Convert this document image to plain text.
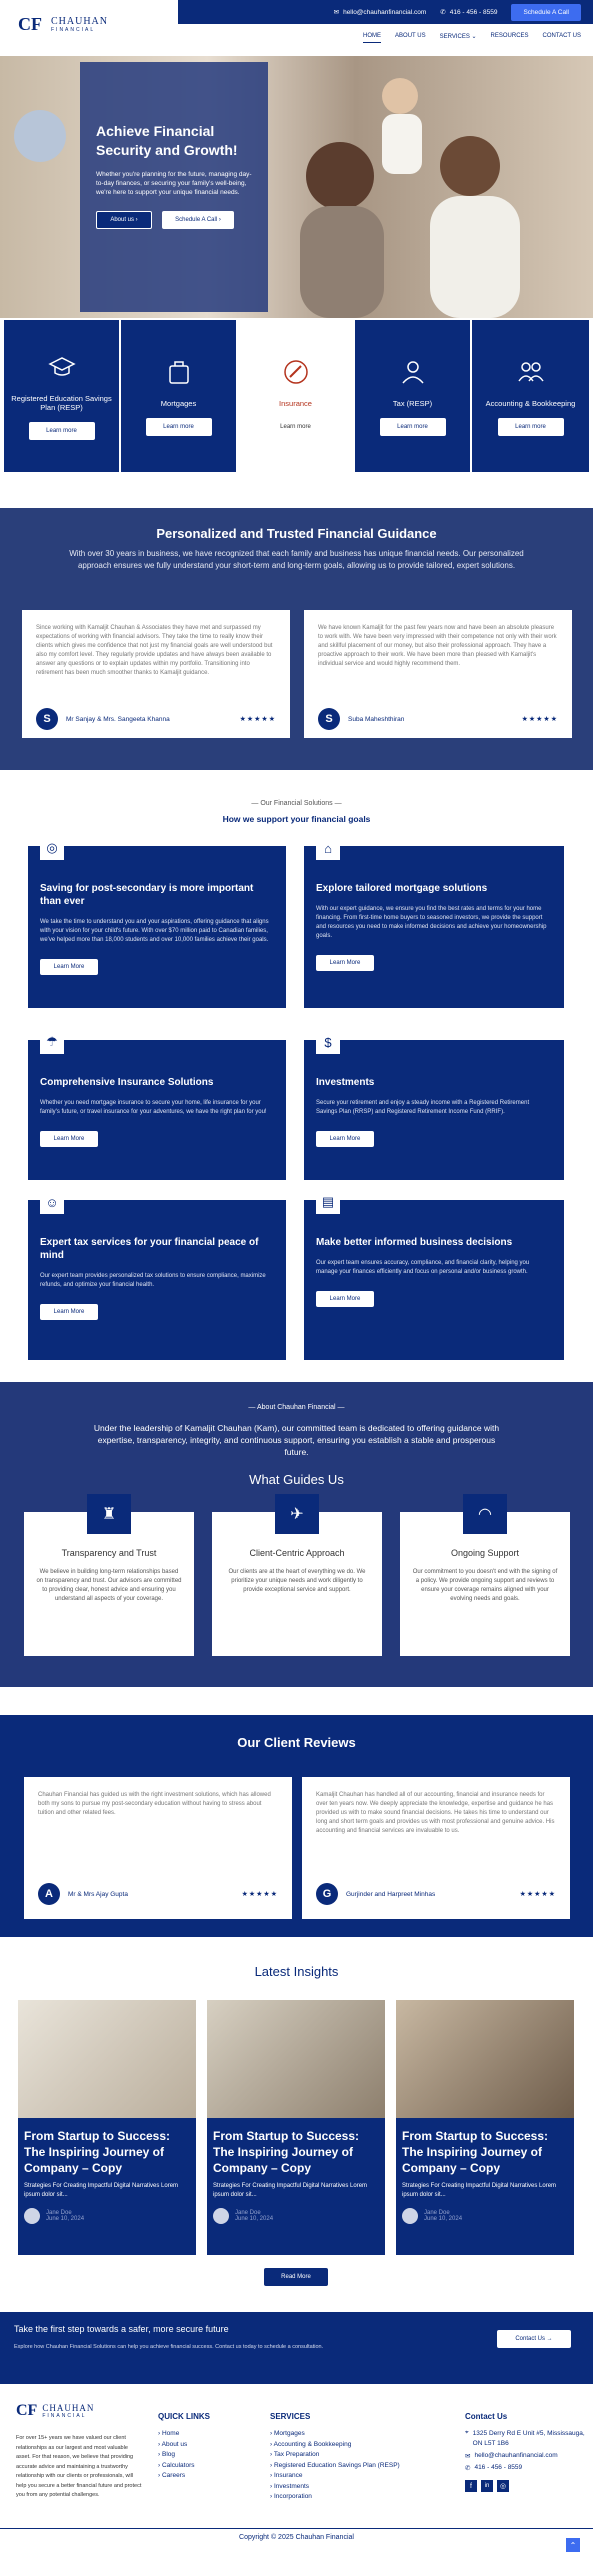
CF CHAUHAN
FINANCIAL
✉ hello@chauhanfinancial.com ✆ 416 - 456 - 8559	Schedule A Call
HOME ABOUT US SERVICES ⌄ RESOURCES CONTACT US
Achieve Financial Security and Growth!

Whether you're planning for the future, managing day-to-day finances, or securing your family's well-being, we're here to support your unique financial needs.

About us
›	Schedule A Call
›
Registered Education Savings Plan (RESP)
Learn more
Mortgages
Learn more
Insurance
Learn more
Tax (RESP)
Learn more
Accounting & Bookkeeping
Learn more
Personalized and Trusted Financial Guidance

With over 30 years in business, we have recognized that each family and business has unique financial needs. Our personalized approach ensures we fully understand your short-term and long-term goals, allowing us to provide tailored, expert solutions.

Since working with Kamaljit Chauhan & Associates they have met and surpassed my expectations of working with financial advisors. They take the time to really know their clients which gives me confidence that not just my financial goals are well understood but also my comfort level. They regularly provide updates and have always been available to answer any questions or to explain updates within my portfolio. Transitioning into retirement has been much smoother thanks to Kamaljit guidance.
S	Mr Sanjay & Mrs. Sangeeta Khanna	★★★★★
We have known Kamaljit for the past few years now and have been an absolute pleasure to work with. We have been very impressed with their competence not only with their work and skillful placement of our money, but also their professional approach. They have a proactive approach to their work. We have been more than pleased with Kamaljit's individual service and would highly recommend them.
S	Suba Maheshthiran	★★★★★
— Our Financial Solutions —
How we support your financial goals
◎
Saving for post-secondary is more important than ever

We take the time to understand you and your aspirations, offering guidance that aligns with your vision for your child's future. With over $70 million paid to Canadian families, we've helped more than 18,000 students and over 10,000 families achieve their goals.

Learn More
⌂
Explore tailored mortgage solutions

With our expert guidance, we ensure you find the best rates and terms for your home financing. From first-time home buyers to seasoned investors, we provide the support and resources you need to make informed decisions and achieve your homeownership goals.

Learn More
☂
Comprehensive Insurance Solutions

Whether you need mortgage insurance to secure your home, life insurance for your family's future, or travel insurance for your adventures, we have the right plan for you!

Learn More
$
Investments

Secure your retirement and enjoy a steady income with a Registered Retirement Savings Plan (RRSP) and Registered Retirement Income Fund (RRIF).

Learn More
☺
Expert tax services for your financial peace of mind

Our expert team provides personalized tax solutions to ensure compliance, maximize refunds, and optimize your financial health.

Learn More
▤
Make better informed business decisions

Our expert team ensures accuracy, compliance, and financial clarity, helping you manage your finances efficiently and focus on personal and/or business growth.

Learn More
— About Chauhan Financial —
Under the leadership of Kamaljit Chauhan (Kam), our committed team is dedicated to offering guidance with expertise, transparency, integrity, and continuous support, ensuring you establish a stable and prosperous future.
What Guides Us
♜
Transparency and Trust

We believe in building long-term relationships based on transparency and trust. Our advisors are committed to providing clear, honest advice and ensuring you understand all aspects of your coverage.

✈
Client-Centric Approach

Our clients are at the heart of everything we do. We prioritize your unique needs and work diligently to provide exceptional service and support.

◠
Ongoing Support

Our commitment to you doesn't end with the signing of a policy. We provide ongoing support and reviews to ensure your coverage remains aligned with your evolving needs and goals.

Our Client Reviews
Chauhan Financial has guided us with the right investment solutions, which has allowed both my sons to pursue my post-secondary education without having to stress about tuition and other related fees.
A	Mr & Mrs Ajay Gupta	★★★★★
Kamaljit Chauhan has handled all of our accounting, financial and insurance needs for over ten years now. We deeply appreciate the knowledge, expertise and guidance he has provided us with to make sound financial decisions. He takes his time to understand our long and short term goals and provides us with most professional and genuine advice. His accounting and financial services are invaluable to us.
G	Gurjinder and Harpreet Minhas	★★★★★
Latest Insights
From Startup to Success: The Inspiring Journey of Company – Copy

Strategies For Creating Impactful Digital Narratives Lorem ipsum dolor sit...

Jane Doe
June 10, 2024
From Startup to Success: The Inspiring Journey of Company – Copy

Strategies For Creating Impactful Digital Narratives Lorem ipsum dolor sit...

Jane Doe
June 10, 2024
From Startup to Success: The Inspiring Journey of Company – Copy

Strategies For Creating Impactful Digital Narratives Lorem ipsum dolor sit...

Jane Doe
June 10, 2024
Read More
Take the first step towards a safer, more secure future
Explore how Chauhan Financial Solutions can help you achieve financial success. Contact us today to schedule a consultation.
Contact Us →
CF CHAUHAN
FINANCIAL
For over 15+ years we have valued our client relationships as our largest and most valuable asset. For that reason, we believe that providing accurate advice and maintaining a trustworthy relationship with our clients or professionals, will help you secure a better financial future and protect you from any potential challenges.
QUICK LINKS
› Home
› About us
› Blog
› Calculators
› Careers
SERVICES
› Mortgages
› Accounting & Bookkeeping
› Tax Preparation
› Registered Education Savings Plan (RESP)
› Insurance
› Investments
› Incorporation
Contact Us
⌖ 1325 Derry Rd E Unit #5, Mississauga, ON L5T 1B6
✉ hello@chauhanfinancial.com
✆ 416 - 456 - 8559
f	in	◎
Copyright © 2025 Chauhan Financial
⌃
